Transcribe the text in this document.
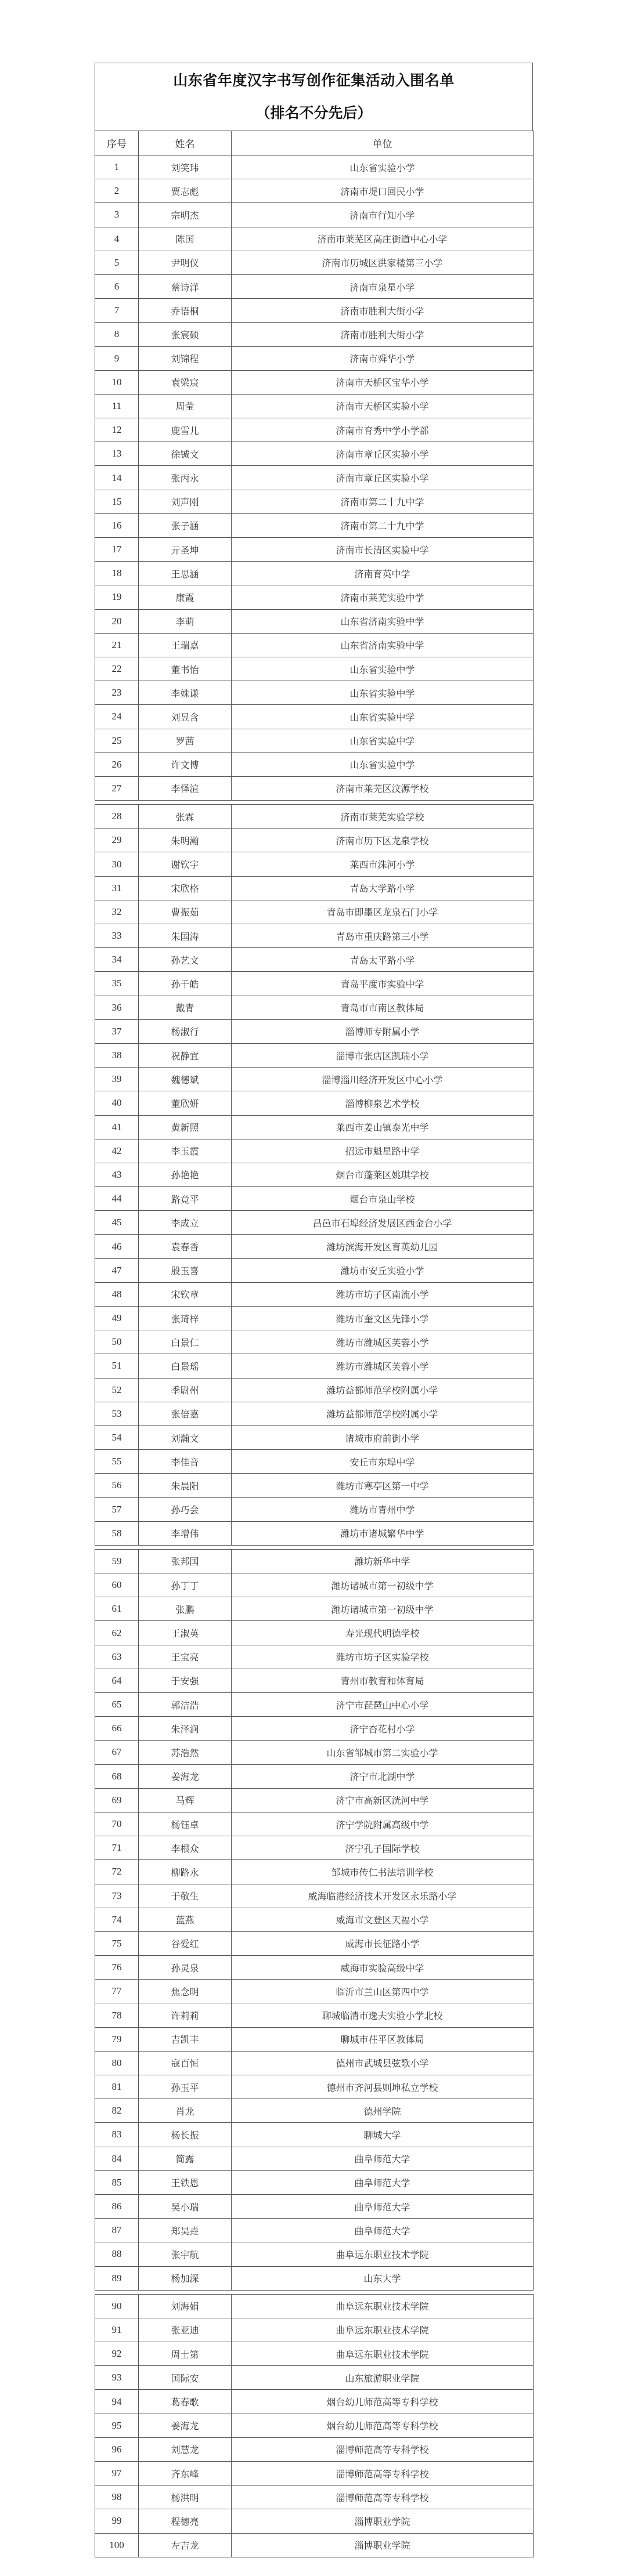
山东省年度汉字书写创作征集活动入围名单
（排名不分先后）
序号	姓名	单位
1	刘笑玮	山东省实验小学
2	贾志彪	济南市堤口回民小学
3	宗明杰	济南市行知小学
4	陈国	济南市莱芜区高庄街道中心小学
5	尹明仪	济南市历城区洪家楼第三小学
6	蔡诗洋	济南市泉星小学
7	乔语桐	济南市胜利大街小学
8	张宸硕	济南市胜利大街小学
9	刘锦程	济南市舜华小学
10	袁梁宸	济南市天桥区宝华小学
11	周莹	济南市天桥区实验小学
12	鹿雪儿	济南市育秀中学小学部
13	徐铖文	济南市章丘区实验小学
14	张丙永	济南市章丘区实验小学
15	刘声刚	济南市第二十九中学
16	张子涵	济南市第二十九中学
17	亓圣坤	济南市长清区实验中学
18	王思涵	济南育英中学
19	康霞	济南市莱芜实验中学
20	李萌	山东省济南实验中学
21	王瑞嘉	山东省济南实验中学
22	董书怡	山东省实验中学
23	李姝谦	山东省实验中学
24	刘昱含	山东省实验中学
25	罗茜	山东省实验中学
26	许文博	山东省实验中学
27	李怿渲	济南市莱芜区汶源学校
28	张霖	济南市莱芜实验学校
29	朱明瀚	济南市历下区龙泉学校
30	谢钦宇	莱西市洙河小学
31	宋欣格	青岛大学路小学
32	曹振茹	青岛市即墨区龙泉石门小学
33	朱国涛	青岛市重庆路第三小学
34	孙艺文	青岛太平路小学
35	孙千皓	青岛平度市实验中学
36	戴青	青岛市市南区教体局
37	杨淑行	淄博师专附属小学
38	祝静宜	淄博市张店区凯瑞小学
39	魏德斌	淄博淄川经济开发区中心小学
40	董欣妍	淄博柳泉艺术学校
41	黄新照	莱西市姜山镇泰光中学
42	李玉霞	招远市魁星路中学
43	孙艳艳	烟台市蓬莱区姚琪学校
44	路竟平	烟台市泉山学校
45	李成立	昌邑市石埠经济发展区西金台小学
46	袁春香	潍坊滨海开发区育英幼儿园
47	殷玉喜	潍坊市安丘实验小学
48	宋钦章	潍坊市坊子区南流小学
49	张琦梓	潍坊市奎文区先锋小学
50	白景仁	潍坊市潍城区芙蓉小学
51	白景瑶	潍坊市潍城区芙蓉小学
52	季尉州	潍坊益都师范学校附属小学
53	张倍嘉	潍坊益都师范学校附属小学
54	刘瀚文	诸城市府前街小学
55	李佳音	安丘市东埠中学
56	朱晨阳	潍坊市寒亭区第一中学
57	孙巧会	潍坊市青州中学
58	李增伟	潍坊市诸城繁华中学
59	张邦国	潍坊新华中学
60	孙丁丁	潍坊诸城市第一初级中学
61	张鹏	潍坊诸城市第一初级中学
62	王淑英	寿光现代明德学校
63	王宝亮	潍坊市坊子区实验学校
64	于安强	青州市教育和体育局
65	郭洁浩	济宁市琵琶山中心小学
66	朱泽润	济宁杏花村小学
67	苏浩然	山东省邹城市第二实验小学
68	姜海龙	济宁市北湖中学
69	马辉	济宁市高新区洸河中学
70	杨钰卓	济宁学院附属高级中学
71	李根众	济宁孔子国际学校
72	柳路永	邹城市传仁书法培训学校
73	于敬生	威海临港经济技术开发区永乐路小学
74	蓝燕	威海市文登区天福小学
75	谷爱红	威海市长征路小学
76	孙灵泉	威海市实验高级中学
77	焦念明	临沂市兰山区第四中学
78	许莉莉	聊城临清市逸夫实验小学北校
79	吉凯丰	聊城市茌平区教体局
80	寇百恒	德州市武城县弦歌小学
81	孙玉平	德州市齐河县则坤私立学校
82	肖龙	德州学院
83	杨长振	聊城大学
84	简露	曲阜师范大学
85	王铁恩	曲阜师范大学
86	吴小瑞	曲阜师范大学
87	郑昊垚	曲阜师范大学
88	张宇航	曲阜远东职业技术学院
89	杨加深	山东大学
90	刘海娟	曲阜远东职业技术学院
91	张亚迪	曲阜远东职业技术学院
92	周士第	曲阜远东职业技术学院
93	国际安	山东旅游职业学院
94	葛春歌	烟台幼儿师范高等专科学校
95	姜海龙	烟台幼儿师范高等专科学校
96	刘慧龙	淄博师范高等专科学校
97	齐东峰	淄博师范高等专科学校
98	杨洪明	淄博师范高等专科学校
99	程德亮	淄博职业学院
100	左吉龙	淄博职业学院
